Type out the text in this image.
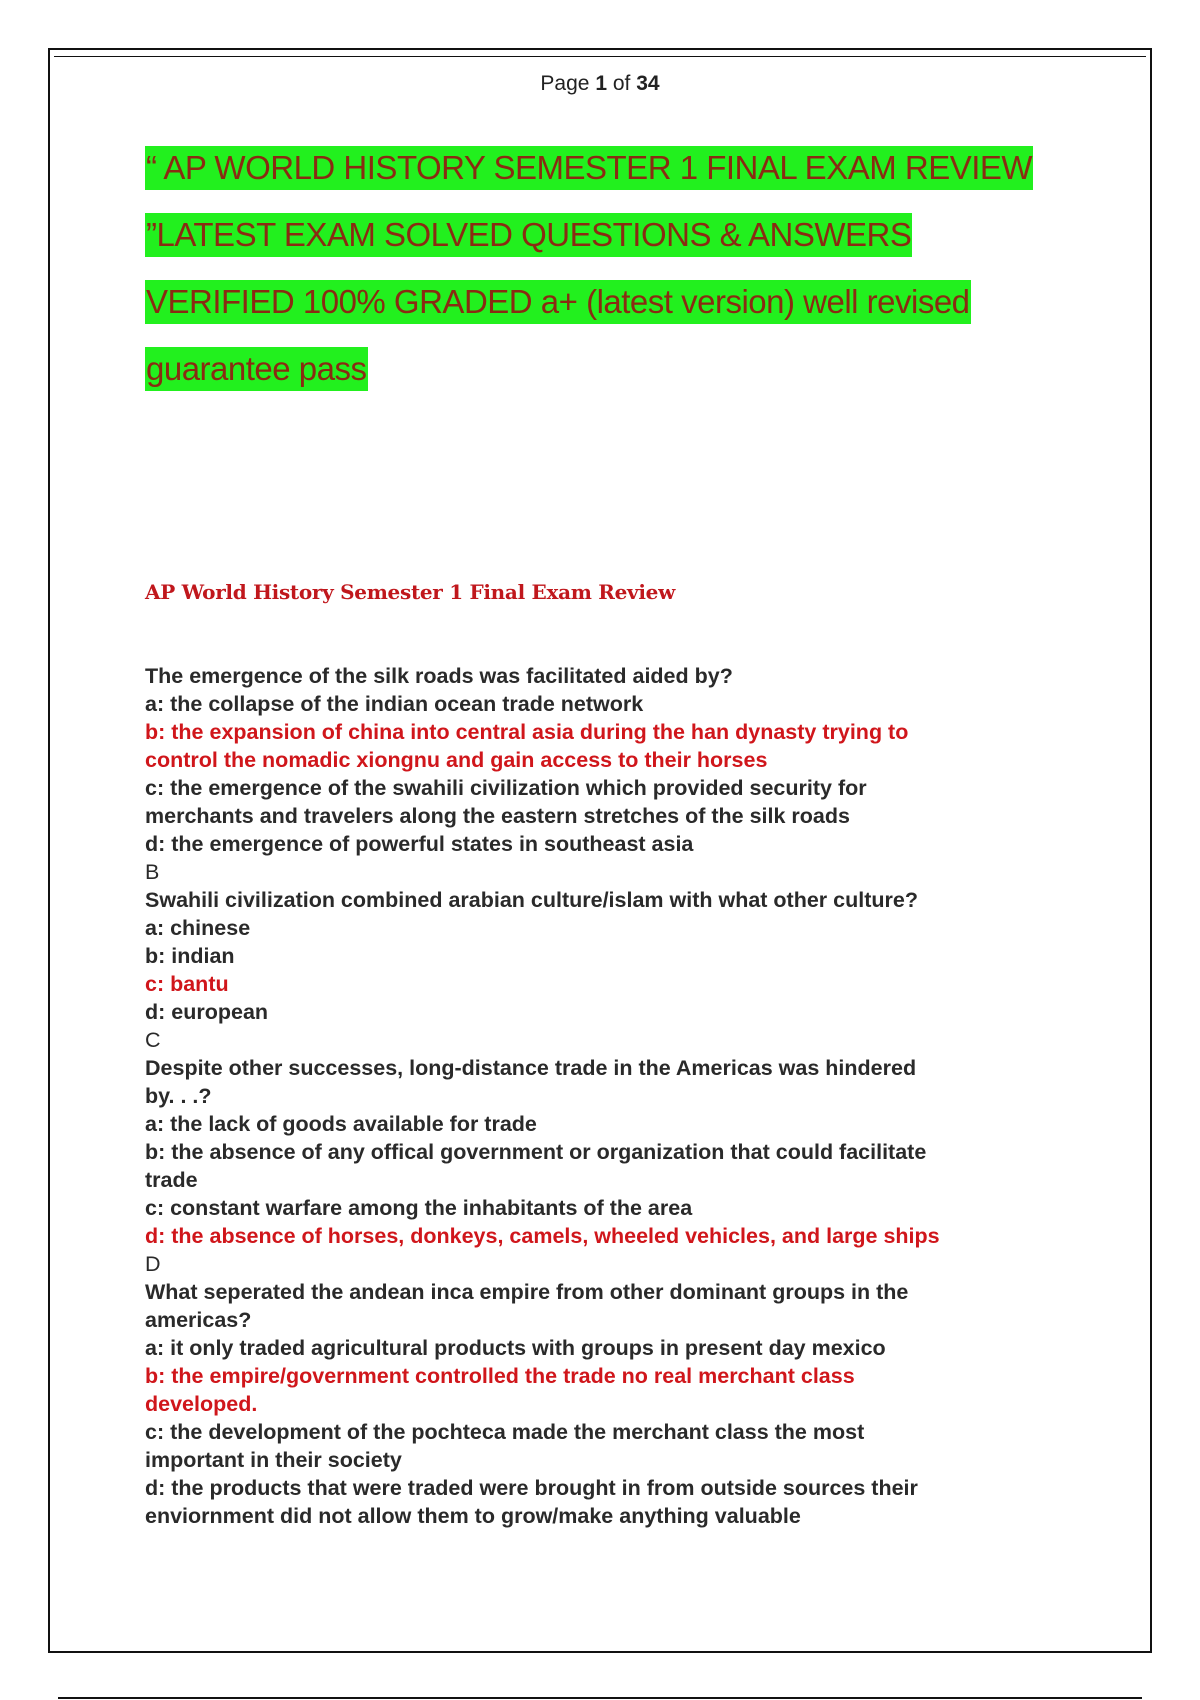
Page 1 of 34
“ AP WORLD HISTORY SEMESTER 1 FINAL EXAM REVIEW
”LATEST EXAM SOLVED QUESTIONS & ANSWERS
VERIFIED 100% GRADED a+ (latest version) well revised
guarantee pass
AP World History Semester 1 Final Exam Review
The emergence of the silk roads was facilitated aided by?
a: the collapse of the indian ocean trade network
b: the expansion of china into central asia during the han dynasty trying to
control the nomadic xiongnu and gain access to their horses
c: the emergence of the swahili civilization which provided security for
merchants and travelers along the eastern stretches of the silk roads
d: the emergence of powerful states in southeast asia
B
Swahili civilization combined arabian culture/islam with what other culture?
a: chinese
b: indian
c: bantu
d: european
C
Despite other successes, long-distance trade in the Americas was hindered
by. . .?
a: the lack of goods available for trade
b: the absence of any offical government or organization that could facilitate
trade
c: constant warfare among the inhabitants of the area
d: the absence of horses, donkeys, camels, wheeled vehicles, and large ships
D
What seperated the andean inca empire from other dominant groups in the
americas?
a: it only traded agricultural products with groups in present day mexico
b: the empire/government controlled the trade no real merchant class
developed.
c: the development of the pochteca made the merchant class the most
important in their society
d: the products that were traded were brought in from outside sources their
enviornment did not allow them to grow/make anything valuable
